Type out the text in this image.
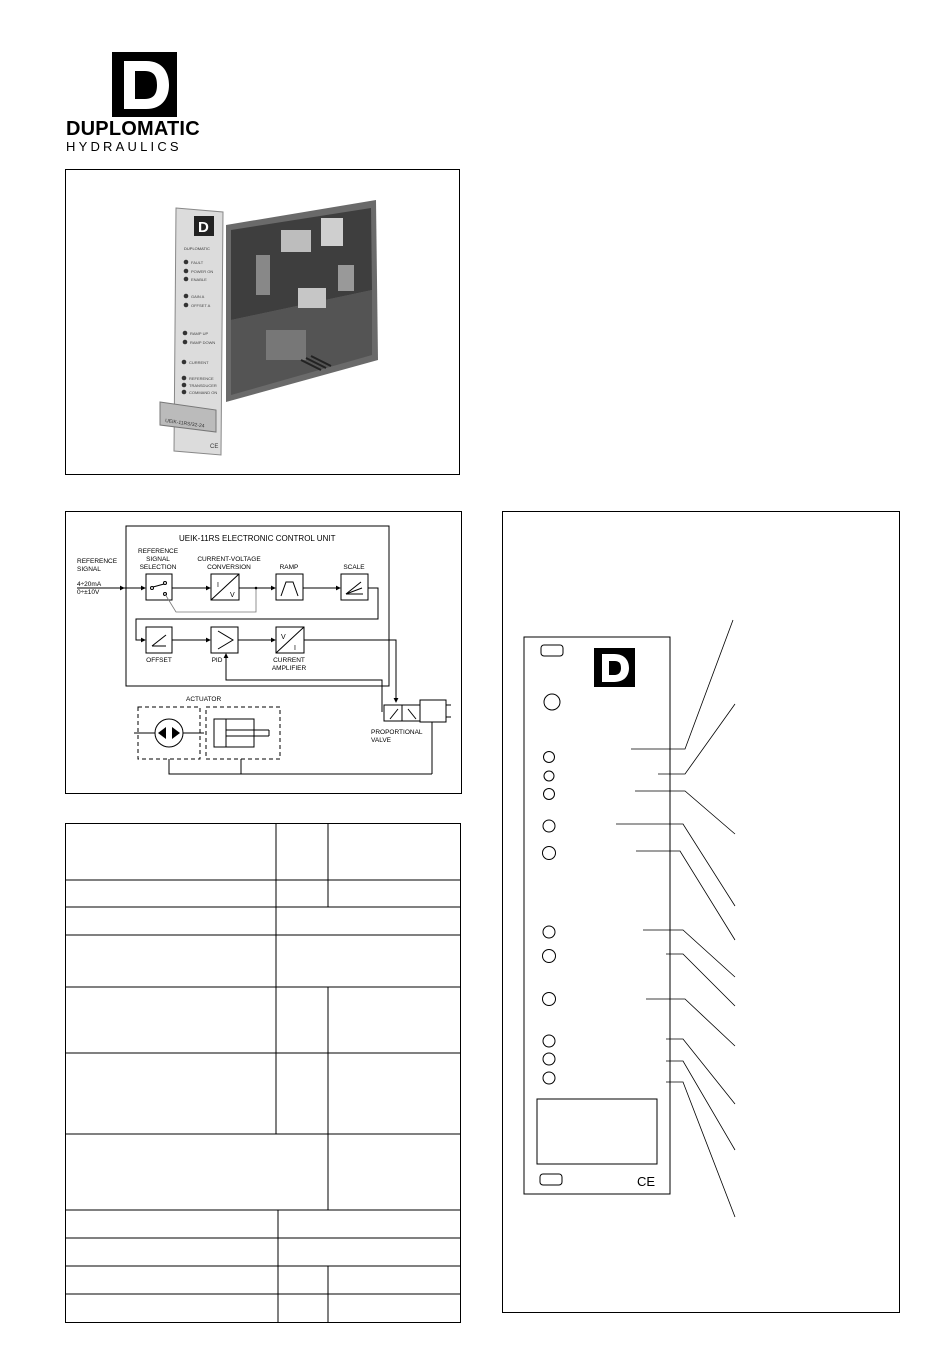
DUPLOMATIC
HYDRAULICS
D
DUPLOMATIC
FAULT
POWER ON
ENABLE
GAIN A
OFFSET A
RAMP UP
RAMP DOWN
CURRENT
REFERENCE
TRANSDUCER
COMMAND ON
UEIK-11RS/32-24
CE
UEIK-11RS ELECTRONIC CONTROL UNIT
REFERENCE
SIGNAL
4÷20mA
0÷±10V
REFERENCE
SIGNAL
SELECTION
CURRENT-VOLTAGE
CONVERSION	RAMP	SCALE
OFFSET	PID	CURRENT
AMPLIFIER
I
V
V
I
ACTUATOR
PROPORTIONAL
VALVE
CE
